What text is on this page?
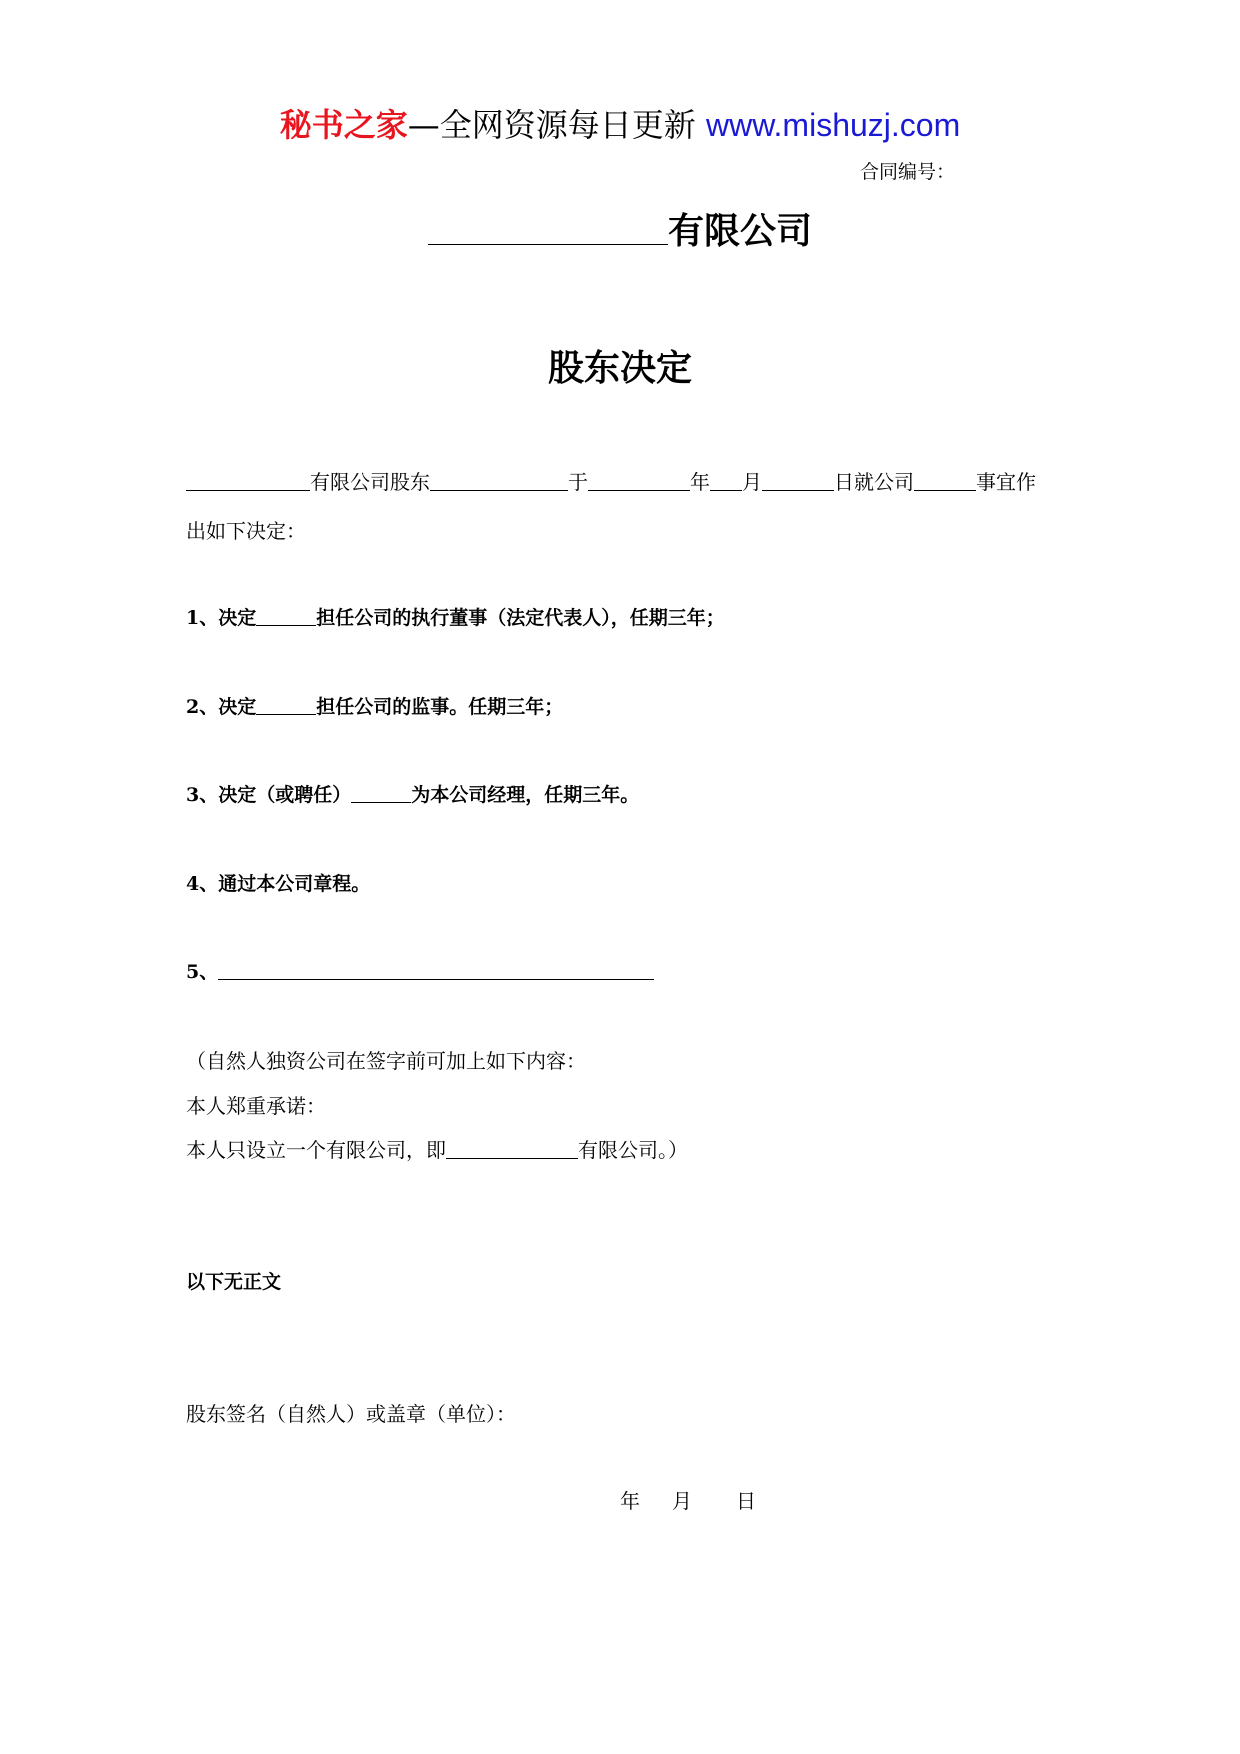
秘书之家—全网资源每日更新 www.mishuzj.com
合同编号：
有限公司
股东决定
有限公司股东	于	年 月	日就公司	事宜作
出如下决定：
1、决定	担任公司的执行董事（法定代表人），任期三年；
2、决定	担任公司的监事。任期三年；
3、决定（或聘任）	为本公司经理，任期三年。
4、通过本公司章程。
5、
（自然人独资公司在签字前可加上如下内容：
本人郑重承诺：
本人只设立一个有限公司，即	有限公司。）
以下无正文
股东签名（自然人）或盖章（单位）：
年 月 日
